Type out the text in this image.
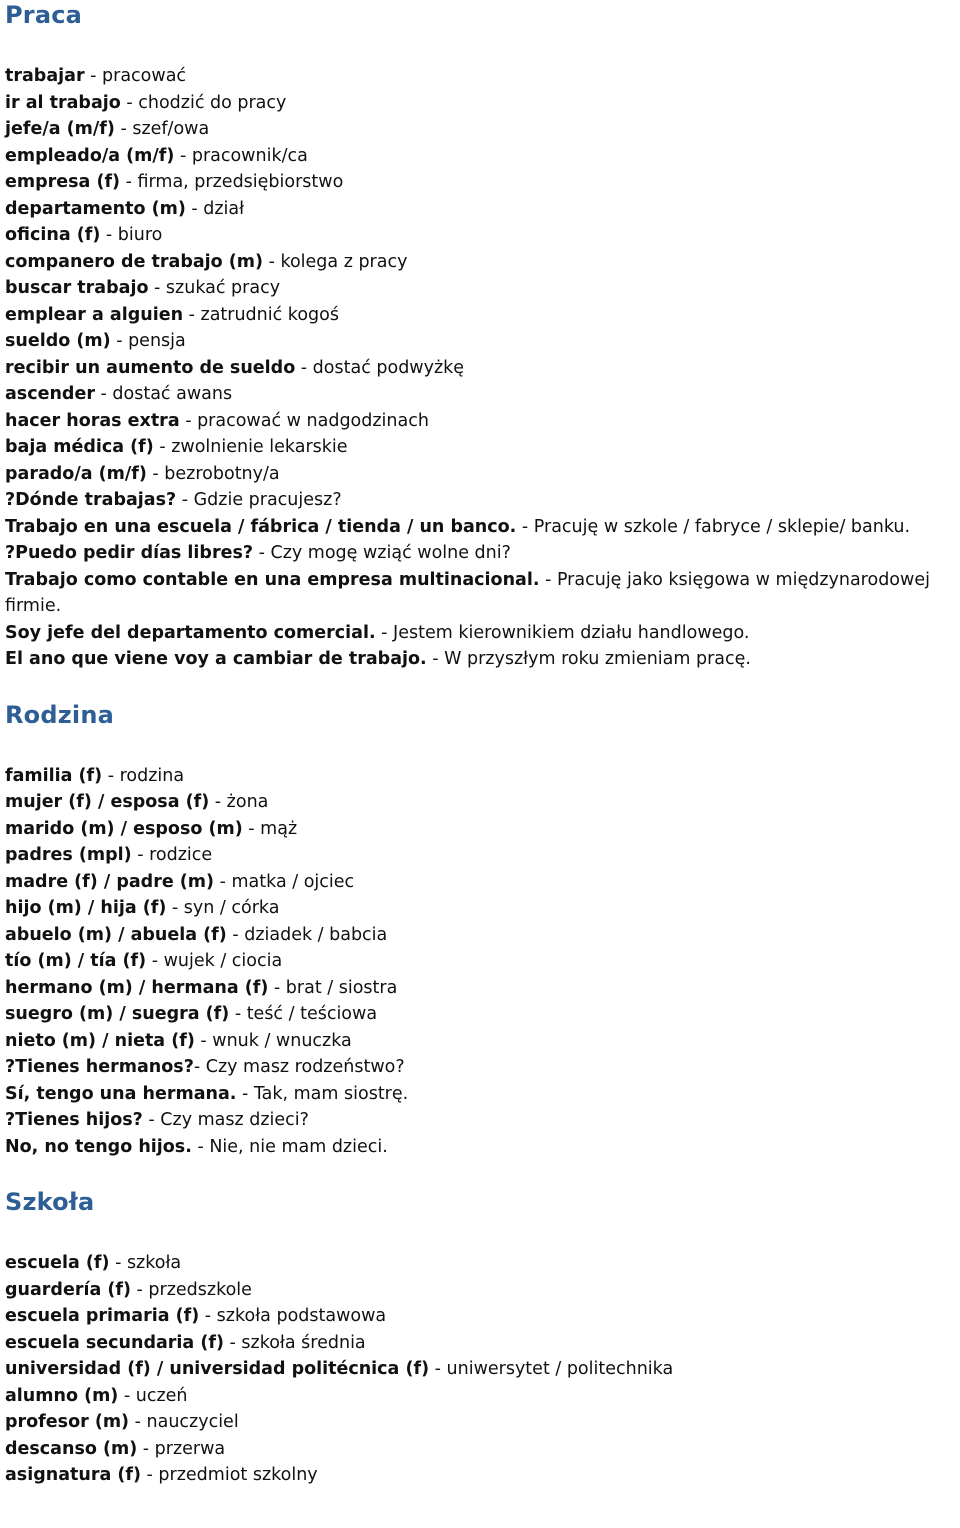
Praca
trabajar - pracować
ir al trabajo - chodzić do pracy
jefe/a (m/f) - szef/owa
empleado/a (m/f) - pracownik/ca
empresa (f) - firma, przedsiębiorstwo
departamento (m) - dział
oficina (f) - biuro
companero de trabajo (m) - kolega z pracy
buscar trabajo - szukać pracy
emplear a alguien - zatrudnić kogoś
sueldo (m) - pensja
recibir un aumento de sueldo - dostać podwyżkę
ascender - dostać awans
hacer horas extra - pracować w nadgodzinach
baja médica (f) - zwolnienie lekarskie
parado/a (m/f) - bezrobotny/a
?Dónde trabajas? - Gdzie pracujesz?
Trabajo en una escuela / fábrica / tienda / un banco. - Pracuję w szkole / fabryce / sklepie/ banku.
?Puedo pedir días libres? - Czy mogę wziąć wolne dni?
Trabajo como contable en una empresa multinacional. - Pracuję jako księgowa w międzynarodowej firmie.
Soy jefe del departamento comercial. - Jestem kierownikiem działu handlowego.
El ano que viene voy a cambiar de trabajo. - W przyszłym roku zmieniam pracę.
Rodzina
familia (f) - rodzina
mujer (f) / esposa (f) - żona
marido (m) / esposo (m) - mąż
padres (mpl) - rodzice
madre (f) / padre (m) - matka / ojciec
hijo (m) / hija (f) - syn / córka
abuelo (m) / abuela (f) - dziadek / babcia
tío (m) / tía (f) - wujek / ciocia
hermano (m) / hermana (f) - brat / siostra
suegro (m) / suegra (f) - teść / teściowa
nieto (m) / nieta (f) - wnuk / wnuczka
?Tienes hermanos?- Czy masz rodzeństwo?
Sí, tengo una hermana. - Tak, mam siostrę.
?Tienes hijos? - Czy masz dzieci?
No, no tengo hijos. - Nie, nie mam dzieci.
Szkoła
escuela (f) - szkoła
guardería (f) - przedszkole
escuela primaria (f) - szkoła podstawowa
escuela secundaria (f) - szkoła średnia
universidad (f) / universidad politécnica (f) - uniwersytet / politechnika
alumno (m) - uczeń
profesor (m) - nauczyciel
descanso (m) - przerwa
asignatura (f) - przedmiot szkolny
